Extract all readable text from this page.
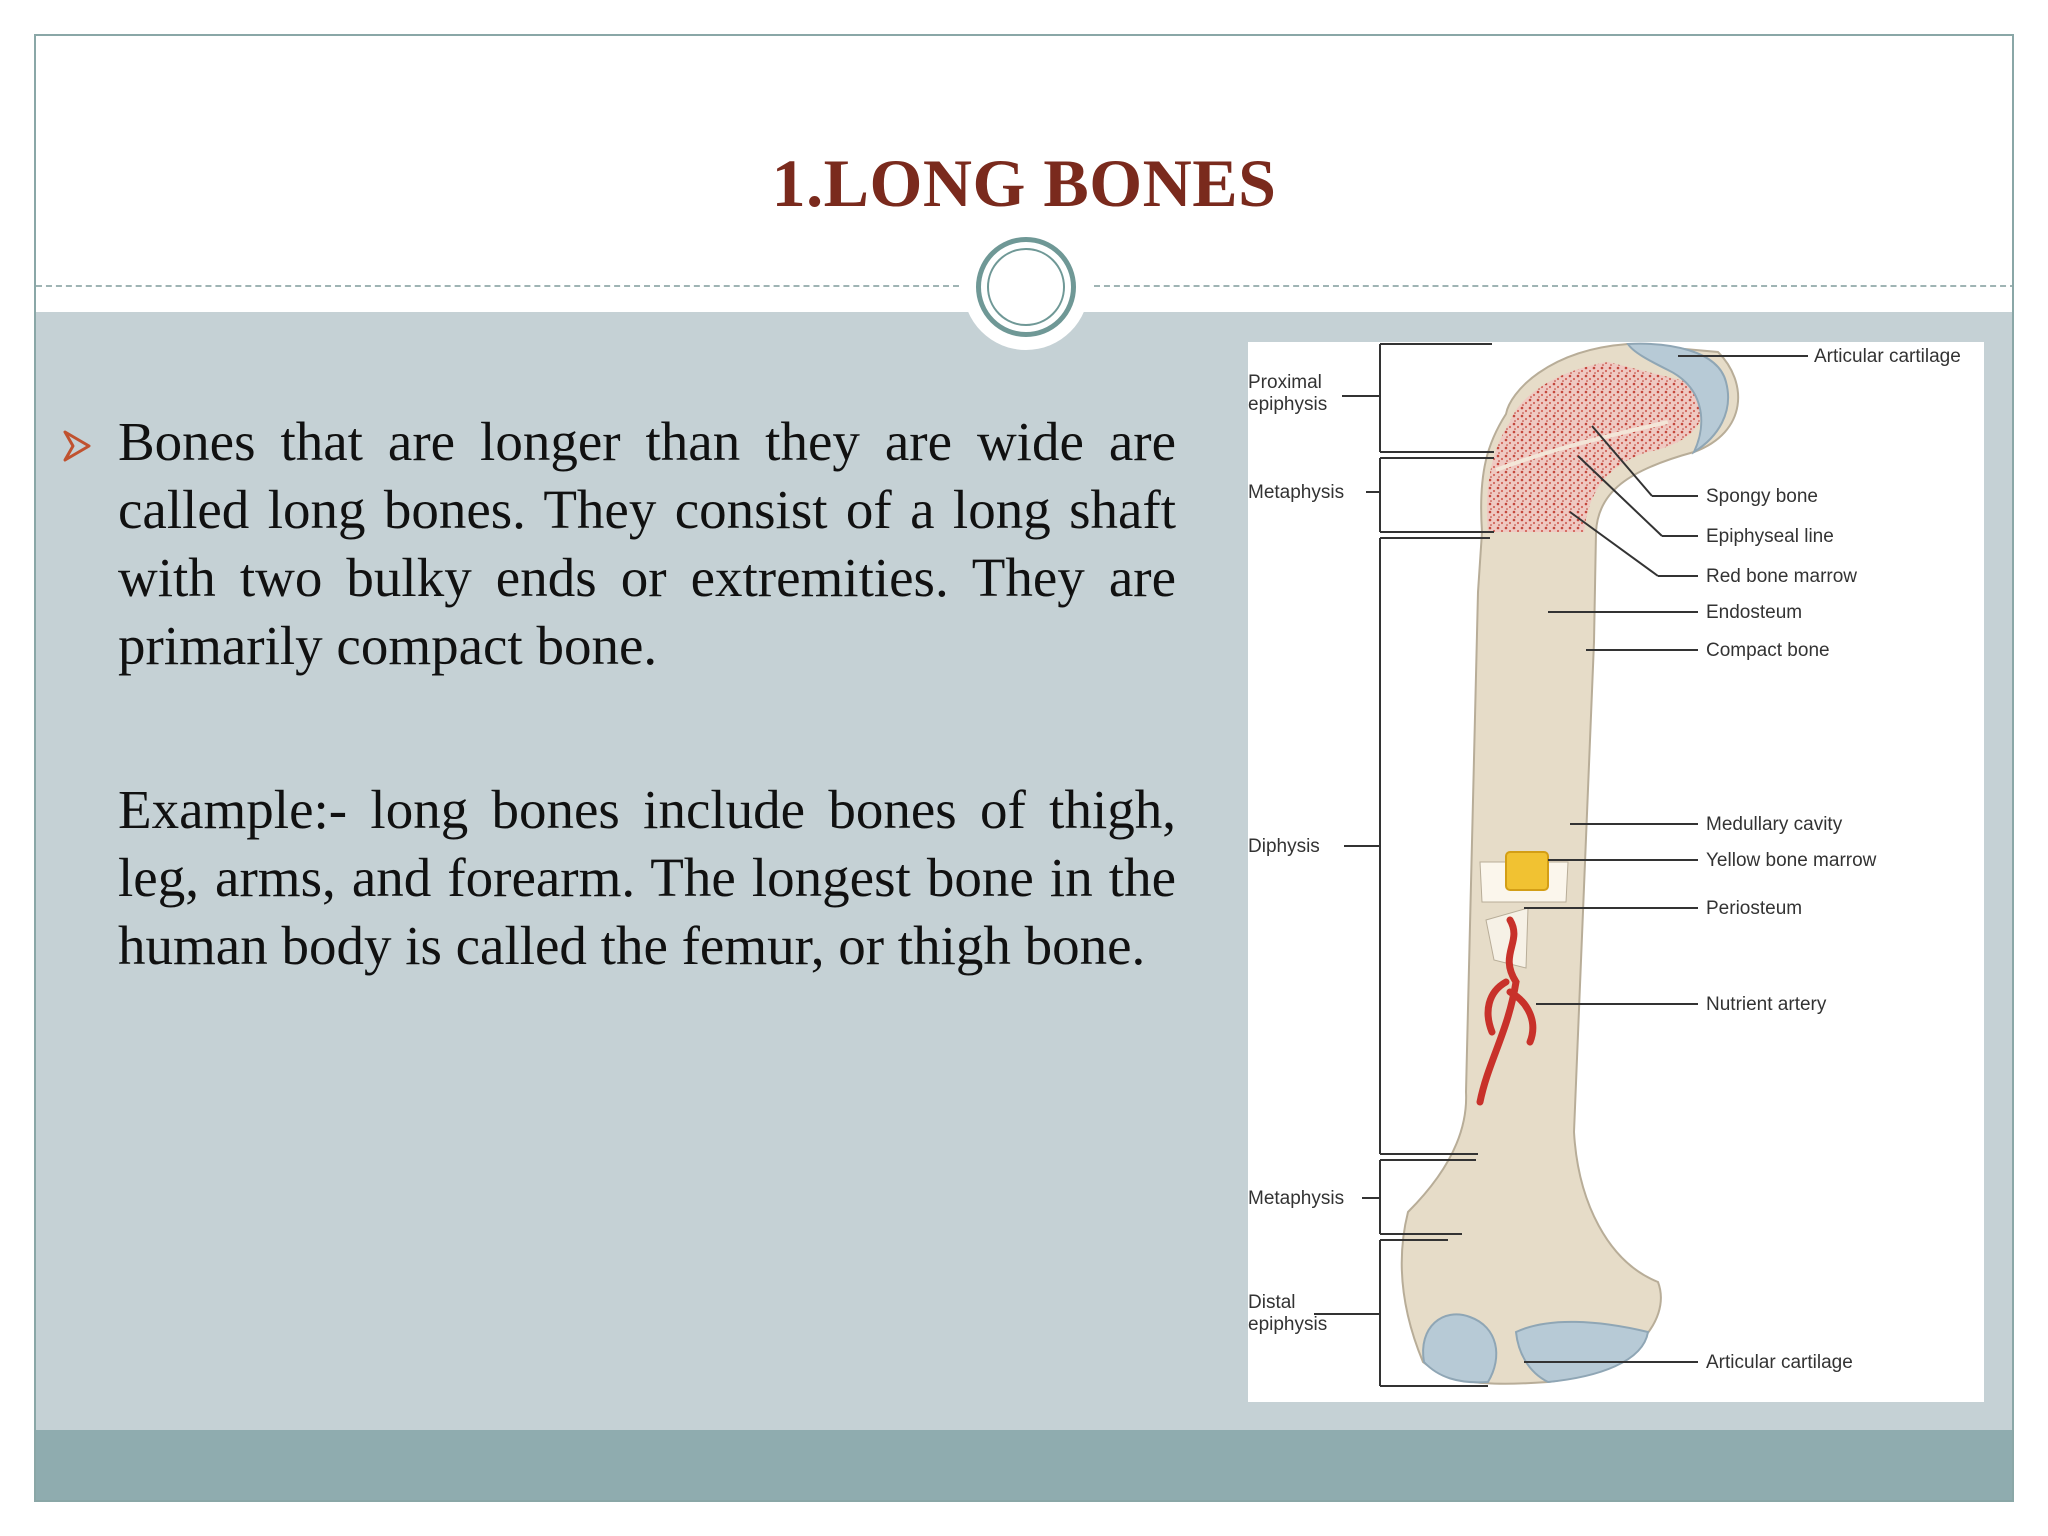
1.LONG BONES

Bones that are longer than they are wide are called long bones. They consist of a long shaft with two bulky ends or extremities. They are primarily compact bone.

Example:- long bones include bones of thigh, leg, arms, and forearm. The longest bone in the human body is called the femur, or thigh bone.

Proximal
epiphysis
Metaphysis
Diphysis
Metaphysis
Distal
epiphysis
Articular cartilage
Spongy bone
Epiphyseal line
Red bone marrow
Endosteum
Compact bone
Medullary cavity
Yellow bone marrow
Periosteum
Nutrient artery
Articular cartilage
